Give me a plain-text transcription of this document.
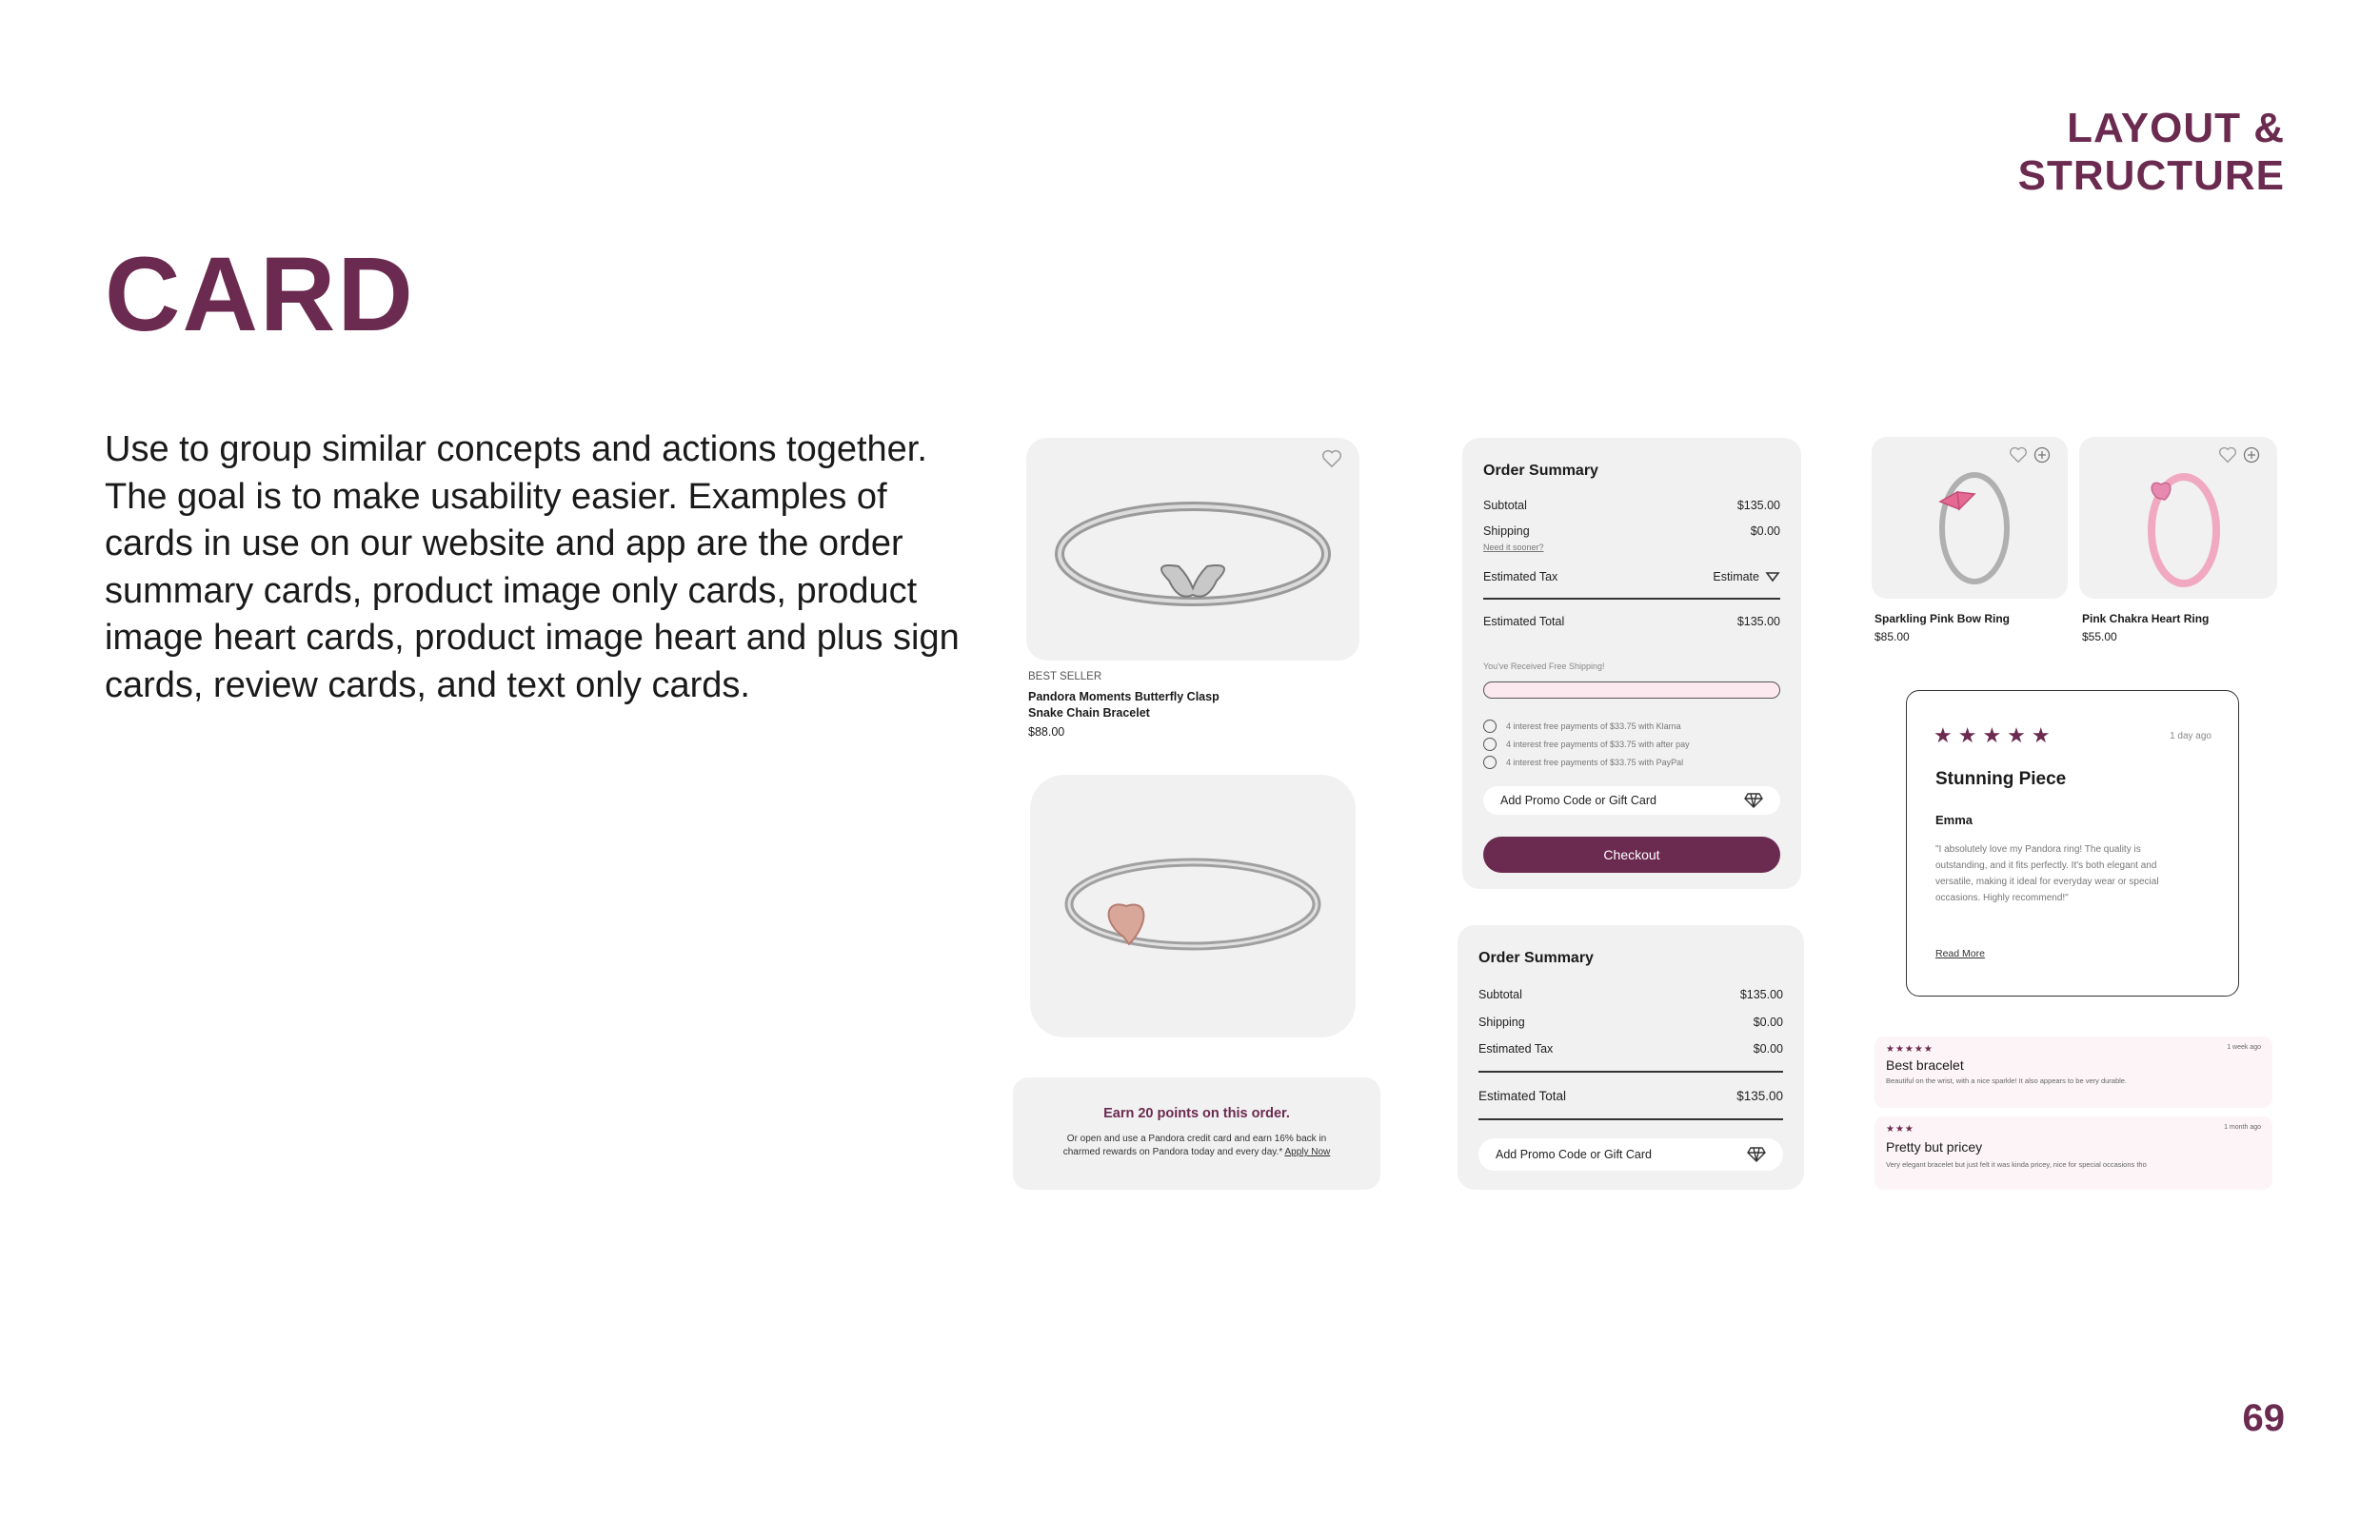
LAYOUT & STRUCTURE
CARD
Use to group similar concepts and actions together. The goal is to make usability easier. Examples of cards in use on our website and app are the order summary cards, product image only cards, product image heart cards, product image heart and plus sign cards, review cards, and text only cards.
69
BEST SELLER
Pandora Moments Butterfly Clasp
Snake Chain Bracelet
$88.00
Earn 20 points on this order.
Or open and use a Pandora credit card and earn 16% back in charmed rewards on Pandora today and every day.* Apply Now
Order Summary
Subtotal	$135.00
Shipping	$0.00
Need it sooner?
Estimated Tax	Estimate
Estimated Total	$135.00
You've Received Free Shipping!
4 interest free payments of $33.75 with Klarna
4 interest free payments of $33.75 with after pay
4 interest free payments of $33.75 with PayPal
Add Promo Code or Gift Card
Checkout
Order Summary
Subtotal	$135.00
Shipping	$0.00
Estimated Tax	$0.00
Estimated Total	$135.00
Add Promo Code or Gift Card
Sparkling Pink Bow Ring
$85.00
Pink Chakra Heart Ring
$55.00
★★★★★	1 day ago
Stunning Piece
Emma
"I absolutely love my Pandora ring! The quality is outstanding, and it fits perfectly. It's both elegant and versatile, making it ideal for everyday wear or special occasions. Highly recommend!"
Read More
★★★★★	1 week ago
Best bracelet
Beautiful on the wrist, with a nice sparkle! It also appears to be very durable.
★★★	1 month ago
Pretty but pricey
Very elegant bracelet but just felt it was kinda pricey, nice for special occasions tho
